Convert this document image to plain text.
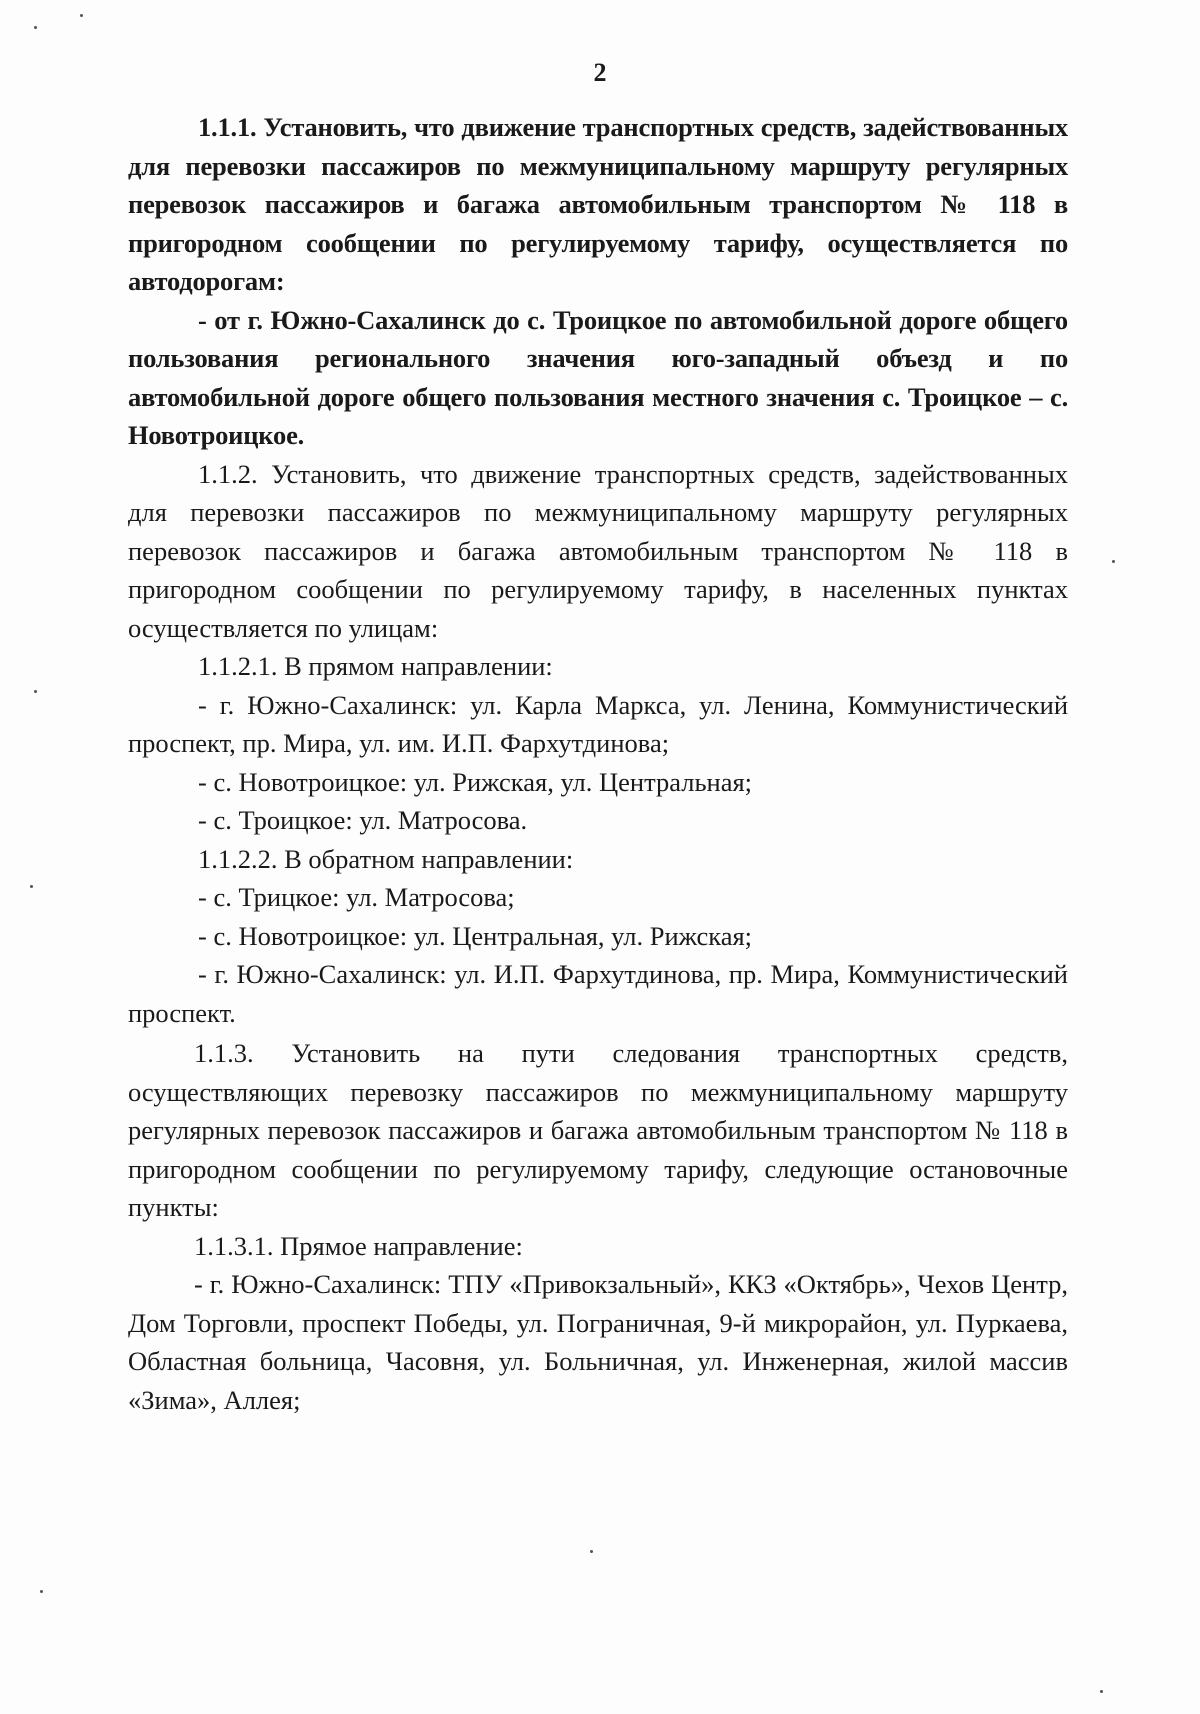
2

1.1.1. Установить, что движение транспортных средств, задействованных для перевозки пассажиров по межмуниципальному маршруту регулярных перевозок пассажиров и багажа автомобильным транспортом № 118 в пригородном сообщении по регулируемому тарифу, осуществляется по автодорогам:

- от г. Южно-Сахалинск до с. Троицкое по автомобильной дороге общего пользования регионального значения юго-западный объезд и по автомобильной дороге общего пользования местного значения с. Троицкое – с. Новотроицкое.

1.1.2. Установить, что движение транспортных средств, задействованных для перевозки пассажиров по межмуниципальному маршруту регулярных перевозок пассажиров и багажа автомобильным транспортом № 118 в пригородном сообщении по регулируемому тарифу, в населенных пунктах осуществляется по улицам:

1.1.2.1. В прямом направлении:

- г. Южно-Сахалинск: ул. Карла Маркса, ул. Ленина, Коммунистический проспект, пр. Мира, ул. им. И.П. Фархутдинова;

- с. Новотроицкое: ул. Рижская, ул. Центральная;

- с. Троицкое: ул. Матросова.

1.1.2.2. В обратном направлении:

- с. Трицкое: ул. Матросова;

- с. Новотроицкое: ул. Центральная, ул. Рижская;

- г. Южно-Сахалинск: ул. И.П. Фархутдинова, пр. Мира, Коммунистический проспект.

1.1.3. Установить на пути следования транспортных средств, осуществляющих перевозку пассажиров по межмуниципальному маршруту регулярных перевозок пассажиров и багажа автомобильным транспортом № 118 в пригородном сообщении по регулируемому тарифу, следующие остановочные пункты:

1.1.3.1. Прямое направление:

- г. Южно-Сахалинск: ТПУ «Привокзальный», ККЗ «Октябрь», Чехов Центр, Дом Торговли, проспект Победы, ул. Пограничная, 9-й микрорайон, ул. Пуркаева, Областная больница, Часовня, ул. Больничная, ул. Инженерная, жилой массив «Зима», Аллея;
